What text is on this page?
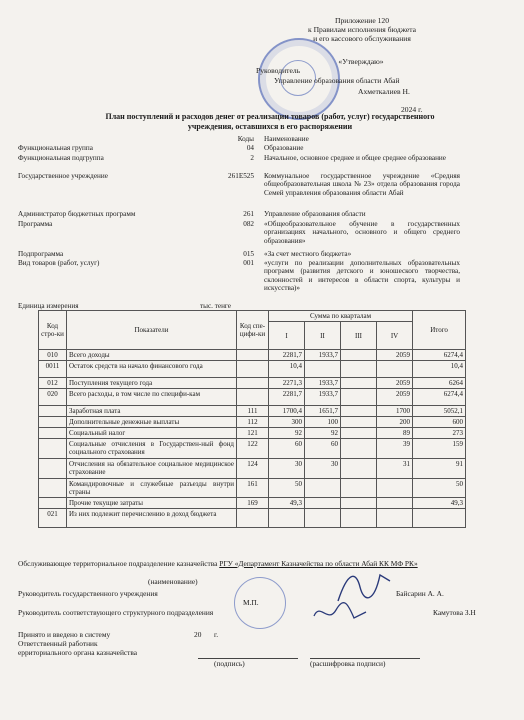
Приложение 120
к Правилам исполнения бюджета
и его кассового обслуживания
«Утверждаю»
Руководитель
Управление образования области Абай
Ахметкалиев Н.
2024 г.
План поступлений и расходов денег от реализации товаров (работ, услуг) государственного учреждения, оставшихся в его распоряжении
Коды Наименование
Функциональная группа	04 Образование
Функциональная подгруппа	2 Начальное, основное среднее и общее среднее образование
Государственное учреждение	261E525 Коммунальное государственное учреждение «Средняя общеобразовательная школа № 23» отдела образования города Семей управления образования области Абай
Администратор бюджетных программ	261 Управление образования области
Программа	082 «Общеобразовательное обучение в государственных организациях начального, основного и общего среднего образования»
Подпрограмма	015 «За счет местного бюджета»
Вид товаров (работ, услуг)	001 «услуги по реализации дополнительных образовательных программ (развития детского и юношеского творчества, склонностей и интересов в области спорта, культуры и искусства)»
Единица измерения	тыс. тенге
Код стро-ки	Показатели	Код спе-цифи-ки	Сумма по кварталам				Итого
			I	II	III	IV	
010	Всего доходы		2281,7	1933,7		2059	6274,4
0011	Остаток средств на начало финансового года		10,4				10,4
012	Поступления текущего года		2271,3	1933,7		2059	6264
020	Всего расходы, в том числе по специфи-кам		2281,7	1933,7		2059	6274,4
	Заработная плата	111	1700,4	1651,7		1700	5052,1
	Дополнительные денежные выплаты	112	300	100		200	600
	Социальный налог	121	92	92		89	273
	Социальные отчисления в Государствен-ный фонд социального страхования	122	60	60		39	159
	Отчисления на обязательное социальное медицинское страхование	124	30	30		31	91
	Командировочные и служебные разъезды внутри страны	161	50				50
	Прочие текущие затраты	169	49,3				49,3
021	Из них подлежит перечислению в доход бюджета						
Обслуживающее территориальное подразделение казначейства РГУ «Департамент Казначейства по области Абай КК МФ РК»
(наименование)
Руководитель государственного учреждения	Байсарин А. А.
М.П.
Руководитель соответствующего структурного подразделения	Камутова З.Н
Принято и введено в систему	20 г.
Ответственный работник
ерриториального органа казначейства
(подпись)	(расшифровка подписи)
